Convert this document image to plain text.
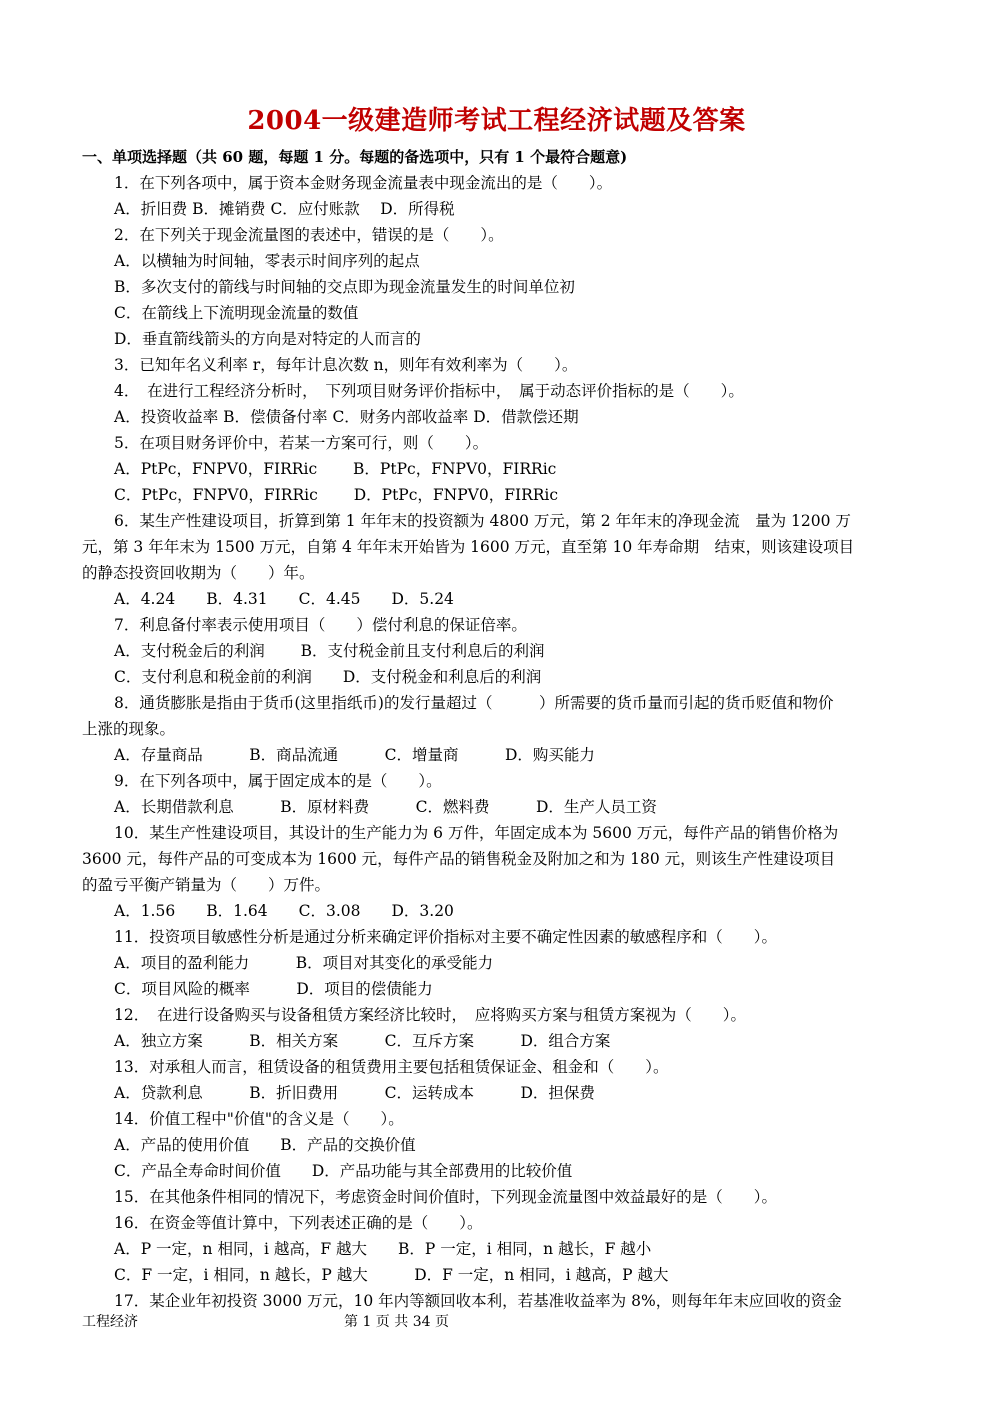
2004一级建造师考试工程经济试题及答案
一、单项选择题（共 60 题，每题 1 分。每题的备选项中，只有 1 个最符合题意)
1．在下列各项中，属于资本金财务现金流量表中现金流出的是（　　）。
A．折旧费 B．摊销费 C．应付账款　 D．所得税
2．在下列关于现金流量图的表述中，错误的是（　　）。
A．以横轴为时间轴，零表示时间序列的起点
B．多次支付的箭线与时间轴的交点即为现金流量发生的时间单位初
C．在箭线上下流明现金流量的数值
D．垂直箭线箭头的方向是对特定的人而言的
3．已知年名义利率 r，每年计息次数 n，则年有效利率为（　　）。
4．　在进行工程经济分析时，　下列项目财务评价指标中，　属于动态评价指标的是（　　）。
A．投资收益率 B．偿债备付率 C．财务内部收益率 D．借款偿还期
5．在项目财务评价中，若某一方案可行，则（　　）。
A．PtPc，FNPV0，FIRRic　　 B．PtPc，FNPV0，FIRRic
C．PtPc，FNPV0，FIRRic　　 D．PtPc，FNPV0，FIRRic
6．某生产性建设项目，折算到第 1 年年末的投资额为 4800 万元，第 2 年年末的净现金流　量为 1200 万
元，第 3 年年末为 1500 万元，自第 4 年年末开始皆为 1600 万元，直至第 10 年寿命期　结束，则该建设项目
的静态投资回收期为（　　）年。
A．4.24　　B．4.31　　C．4.45　　D．5.24
7．利息备付率表示使用项目（　　）偿付利息的保证倍率。
A．支付税金后的利润　　 B．支付税金前且支付利息后的利润
C．支付利息和税金前的利润　　D．支付税金和利息后的利润
8．通货膨胀是指由于货币(这里指纸币)的发行量超过（　　　）所需要的货币量而引起的货币贬值和物价
上涨的现象。
A．存量商品　　　B．商品流通　　　C．增量商　　　D．购买能力
9．在下列各项中，属于固定成本的是（　　）。
A．长期借款利息　　　B．原材料费　　　C．燃料费　　　D．生产人员工资
10．某生产性建设项目，其设计的生产能力为 6 万件，年固定成本为 5600 万元，每件产品的销售价格为
3600 元，每件产品的可变成本为 1600 元，每件产品的销售税金及附加之和为 180 元，则该生产性建设项目
的盈亏平衡产销量为（　　）万件。
A．1.56　　B．1.64　　C．3.08　　D．3.20
11．投资项目敏感性分析是通过分析来确定评价指标对主要不确定性因素的敏感程序和（　　）。
A．项目的盈利能力　　　B．项目对其变化的承受能力
C．项目风险的概率　　　D．项目的偿债能力
12．　在进行设备购买与设备租赁方案经济比较时，　应将购买方案与租赁方案视为（　　）。
A．独立方案　　　B．相关方案　　　C．互斥方案　　　D．组合方案
13．对承租人而言，租赁设备的租赁费用主要包括租赁保证金、租金和（　　）。
A．贷款利息　　　B．折旧费用　　　C．运转成本　　　D．担保费
14．价值工程中"价值"的含义是（　　）。
A．产品的使用价值　　B．产品的交换价值
C．产品全寿命时间价值　　D．产品功能与其全部费用的比较价值
15．在其他条件相同的情况下，考虑资金时间价值时，下列现金流量图中效益最好的是（　　）。
16．在资金等值计算中，下列表述正确的是（　　）。
A．P 一定，n 相同，i 越高，F 越大　　B．P 一定，i 相同，n 越长，F 越小
C．F 一定，i 相同，n 越长，P 越大　　　D．F 一定，n 相同，i 越高，P 越大
17．某企业年初投资 3000 万元，10 年内等额回收本利，若基准收益率为 8%，则每年年末应回收的资金
工程经济	第 1 页 共 34 页
